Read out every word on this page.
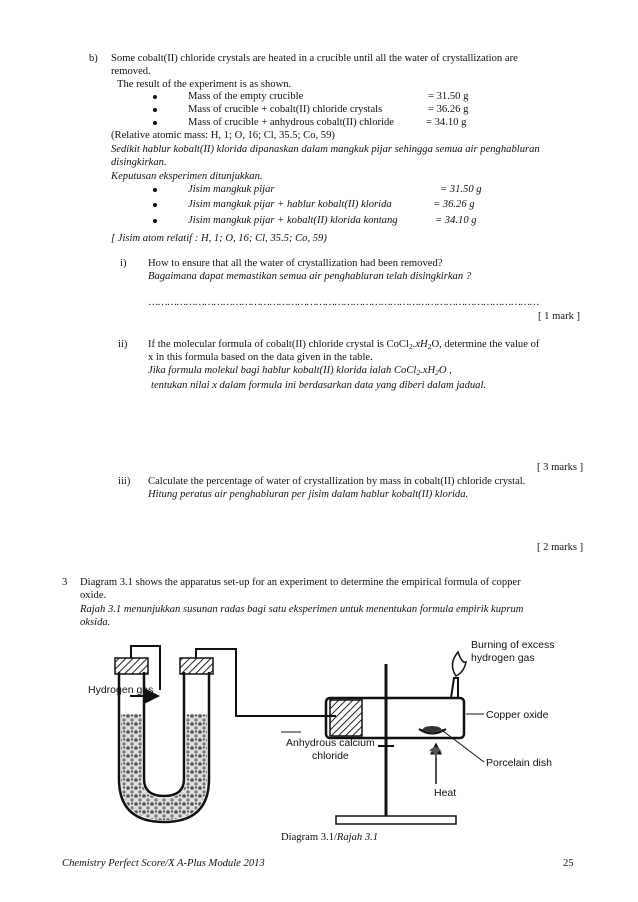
b) Some cobalt(II) chloride crystals are heated in a crucible until all the water of crystallization are
removed.
The result of the experiment is as shown.
Mass of the empty crucible	= 31.50 g
Mass of crucible + cobalt(II) chloride crystals	= 36.26 g
Mass of crucible + anhydrous cobalt(II) chloride	= 34.10 g
(Relative atomic mass: H, 1; O, 16; Cl, 35.5; Co, 59)
Sedikit hablur kobalt(II) klorida dipanaskan dalam mangkuk pijar sehingga semua air penghabluran
disingkirkan.
Keputusan eksperimen ditunjukkan.
Jisim mangkuk pijar	= 31.50 g
Jisim mangkuk pijar + hablur kobalt(II) klorida	= 36.26 g
Jisim mangkuk pijar + kobalt(II) klorida kontang	= 34.10 g
[ Jisim atom relatif : H, 1; O, 16; Cl, 35.5; Co, 59)
i) How to ensure that all the water of crystallization had been removed?
Bagaimana dapat memastikan semua air penghabluran telah disingkirkan ?
………………………………………………………………………………………………………………
[ 1 mark ]
ii) If the molecular formula of cobalt(II) chloride crystal is $CoCl_2.xH_2O$, determine the value of
x in this formula based on the data given in the table.
Jika formula molekul bagi hablur kobalt(II) klorida ialah $CoCl_2.xH_2O$ ,
tentukan nilai x dalam formula ini berdasarkan data yang diberi dalam jadual.
[ 3 marks ]
iii) Calculate the percentage of water of crystallization by mass in cobalt(II) chloride crystal.
Hitung peratus air penghabluran per jisim dalam hablur kobalt(II) klorida.
[ 2 marks ]
3 Diagram 3.1 shows the apparatus set-up for an experiment to determine the empirical formula of copper
oxide.
Rajah 3.1 menunjukkan susunan radas bagi satu eksperimen untuk menentukan formula empirik kuprum
oksida.
Hydrogen gas
Burning of excess
hydrogen gas
Copper oxide
Anhydrous calcium
chloride
Porcelain dish
Heat
Diagram 3.1/Rajah 3.1
Chemistry Perfect Score/X A-Plus Module 2013	25
